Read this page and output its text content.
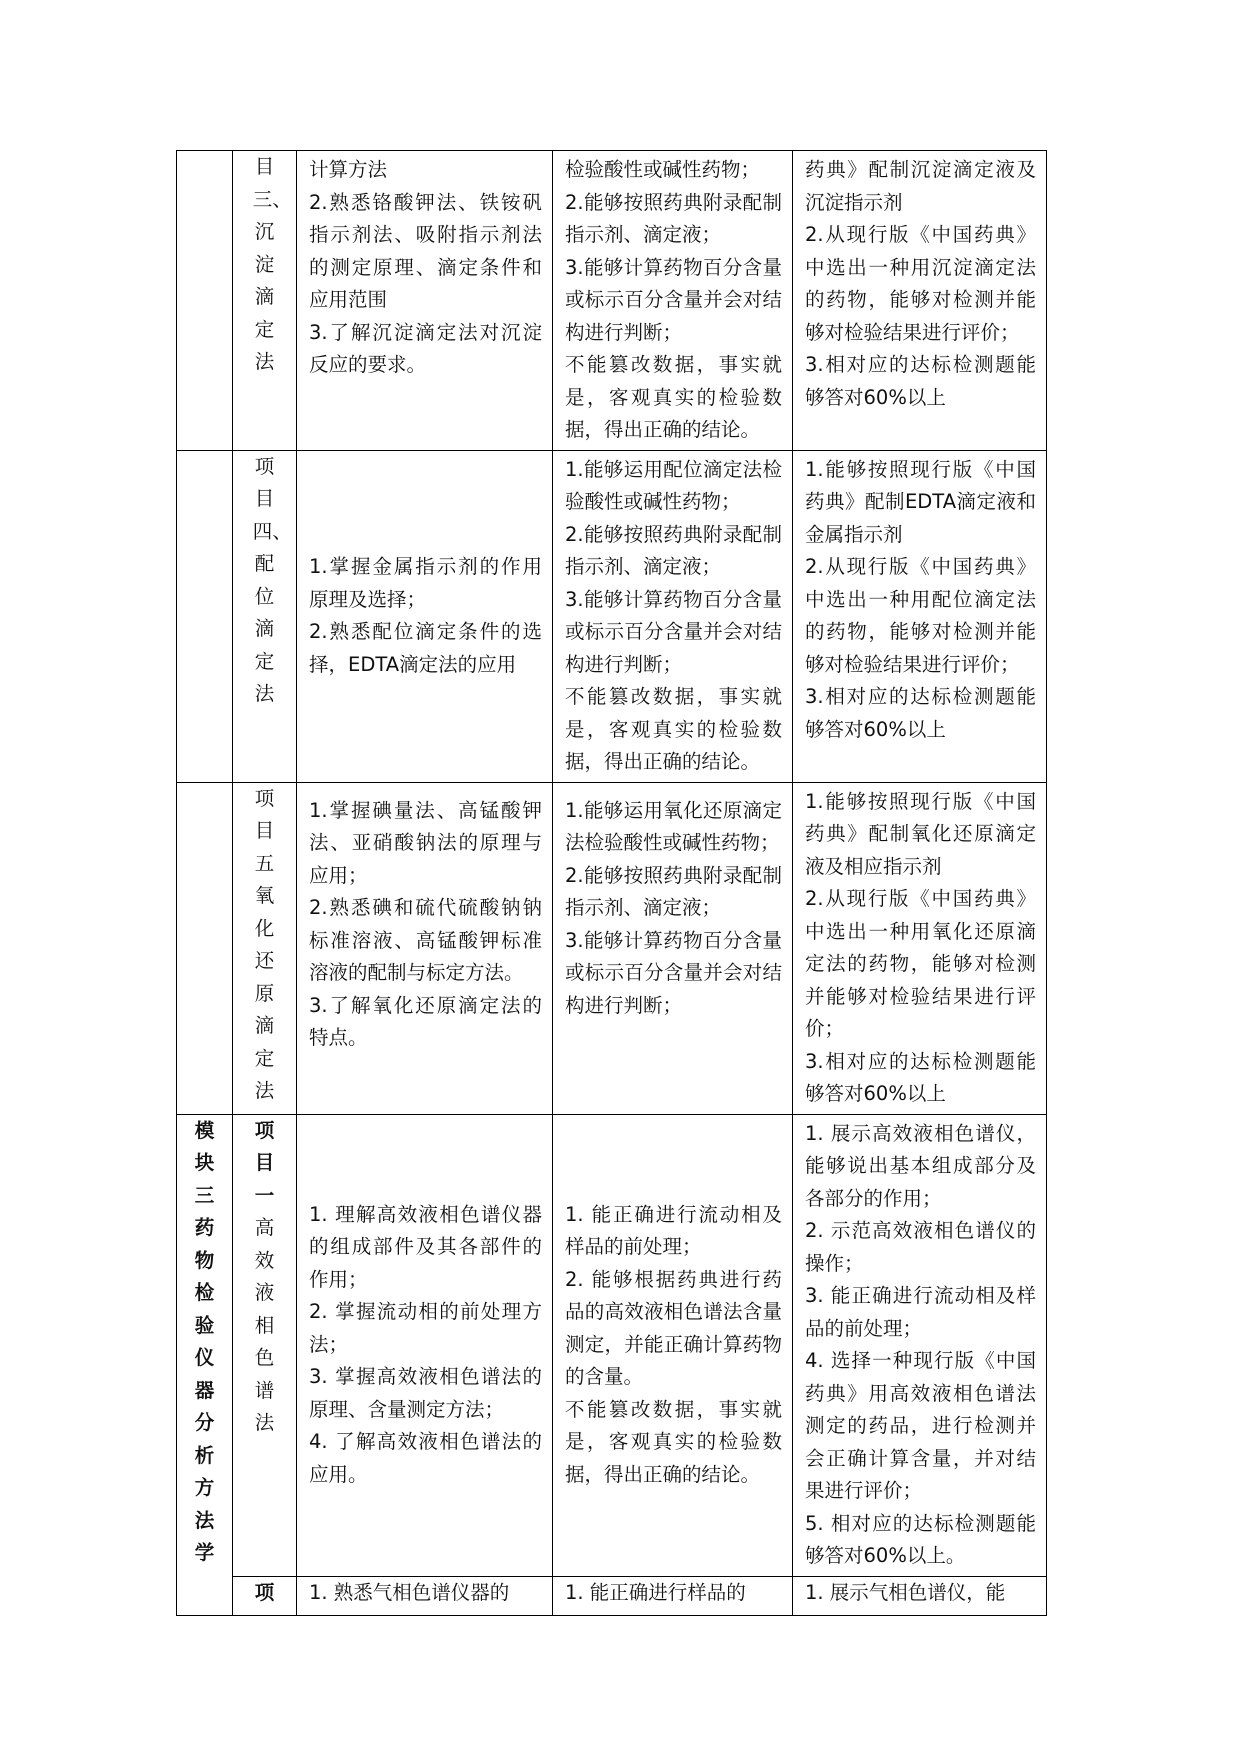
	目三、沉淀滴定法	计算方法
2.熟悉铬酸钾法、铁铵矾指示剂法、吸附指示剂法的测定原理、滴定条件和应用范围
3.了解沉淀滴定法对沉淀反应的要求。	检验酸性或碱性药物；
2.能够按照药典附录配制指示剂、滴定液；
3.能够计算药物百分含量或标示百分含量并会对结构进行判断；
不能篡改数据，事实就是，客观真实的检验数据，得出正确的结论。	药典》配制沉淀滴定液及沉淀指示剂
2.从现行版《中国药典》中选出一种用沉淀滴定法的药物，能够对检测并能够对检验结果进行评价；
3.相对应的达标检测题能够答对60%以上

	项目四、配位滴定法	1.掌握金属指示剂的作用原理及选择；
2.熟悉配位滴定条件的选择，EDTA滴定法的应用	1.能够运用配位滴定法检验酸性或碱性药物；
2.能够按照药典附录配制指示剂、滴定液；
3.能够计算药物百分含量或标示百分含量并会对结构进行判断；
不能篡改数据，事实就是，客观真实的检验数据，得出正确的结论。	1.能够按照现行版《中国药典》配制EDTA滴定液和金属指示剂
2.从现行版《中国药典》中选出一种用配位滴定法的药物，能够对检测并能够对检验结果进行评价；
3.相对应的达标检测题能够答对60%以上

	项目五氧化还原滴定法	1.掌握碘量法、高锰酸钾法、亚硝酸钠法的原理与应用；
2.熟悉碘和硫代硫酸钠钠标准溶液、高锰酸钾标准溶液的配制与标定方法。
3.了解氧化还原滴定法的特点。	1.能够运用氧化还原滴定法检验酸性或碱性药物；
2.能够按照药典附录配制指示剂、滴定液；
3.能够计算药物百分含量或标示百分含量并会对结构进行判断；	1.能够按照现行版《中国药典》配制氧化还原滴定液及相应指示剂
2.从现行版《中国药典》中选出一种用氧化还原滴定法的药物，能够对检测并能够对检验结果进行评价；
3.相对应的达标检测题能够答对60%以上

模块三药物检验仪器分析方法学	项目一高效液相色谱法	1. 理解高效液相色谱仪器的组成部件及其各部件的作用；
2. 掌握流动相的前处理方法；
3. 掌握高效液相色谱法的原理、含量测定方法；
4. 了解高效液相色谱法的应用。	1. 能正确进行流动相及样品的前处理；
2. 能够根据药典进行药品的高效液相色谱法含量测定，并能正确计算药物的含量。
不能篡改数据，事实就是，客观真实的检验数据，得出正确的结论。	1. 展示高效液相色谱仪，能够说出基本组成部分及各部分的作用；
2. 示范高效液相色谱仪的操作；
3. 能正确进行流动相及样品的前处理；
4. 选择一种现行版《中国药典》用高效液相色谱法测定的药品，进行检测并会正确计算含量，并对结果进行评价；
5. 相对应的达标检测题能够答对60%以上。

	项	1. 熟悉气相色谱仪器的	1. 能正确进行样品的	1. 展示气相色谱仪，能
